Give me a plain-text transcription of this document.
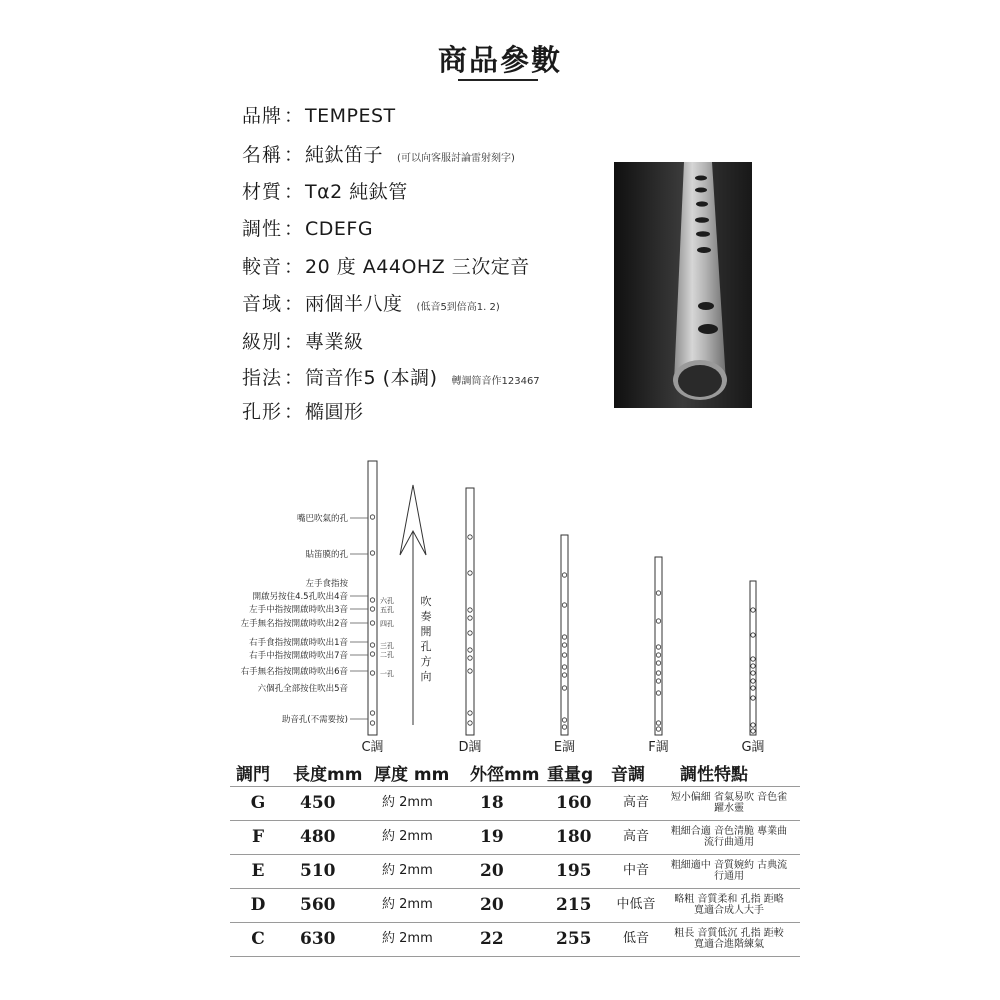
商品參數
品牌 ： TEMPEST
名稱 ： 純鈦笛子 (可以向客服討論雷射刻字)
材質 ： Tα2 純鈦管
調性 ： CDEFG
較音 ： 20 度 A44OHZ 三次定音
音域 ： 兩個半八度 (低音5到倍高1. 2)
級別 ： 專業級
指法 ： 筒音作5 (本調) 轉調筒音作123467
孔形 ： 橢圓形
C調	D調	E調	F調	G調
嘴巴吹氣的孔
貼笛膜的孔
左手食指按
開啟另按住4.5孔吹出4音
左手中指按開啟時吹出3音
左手無名指按開啟時吹出2音
右手食指按開啟時吹出1音
右手中指按開啟時吹出7音
右手無名指按開啟時吹出6音
六個孔全部按住吹出5音
助音孔(不需要按)
六孔
五孔
四孔
三孔
二孔
一孔
吹
奏
開
孔
方
向
調門 長度mm 厚度 mm 外徑mm 重量g 音調 調性特點
G	450	約 2mm	18	160	高音	短小偏細 省氣易吹 音色雀躍水靈
F	480	約 2mm	19	180	高音	粗細合適 音色清脆 專業曲流行曲通用
E	510	約 2mm	20	195	中音	粗細適中 音質婉約 古典流行通用
D	560	約 2mm	20	215	中低音	略粗 音質柔和 孔指 距略寬適合成人大手
C	630	約 2mm	22	255	低音	粗長 音質低沉 孔指 距較寬適合進階練氣
